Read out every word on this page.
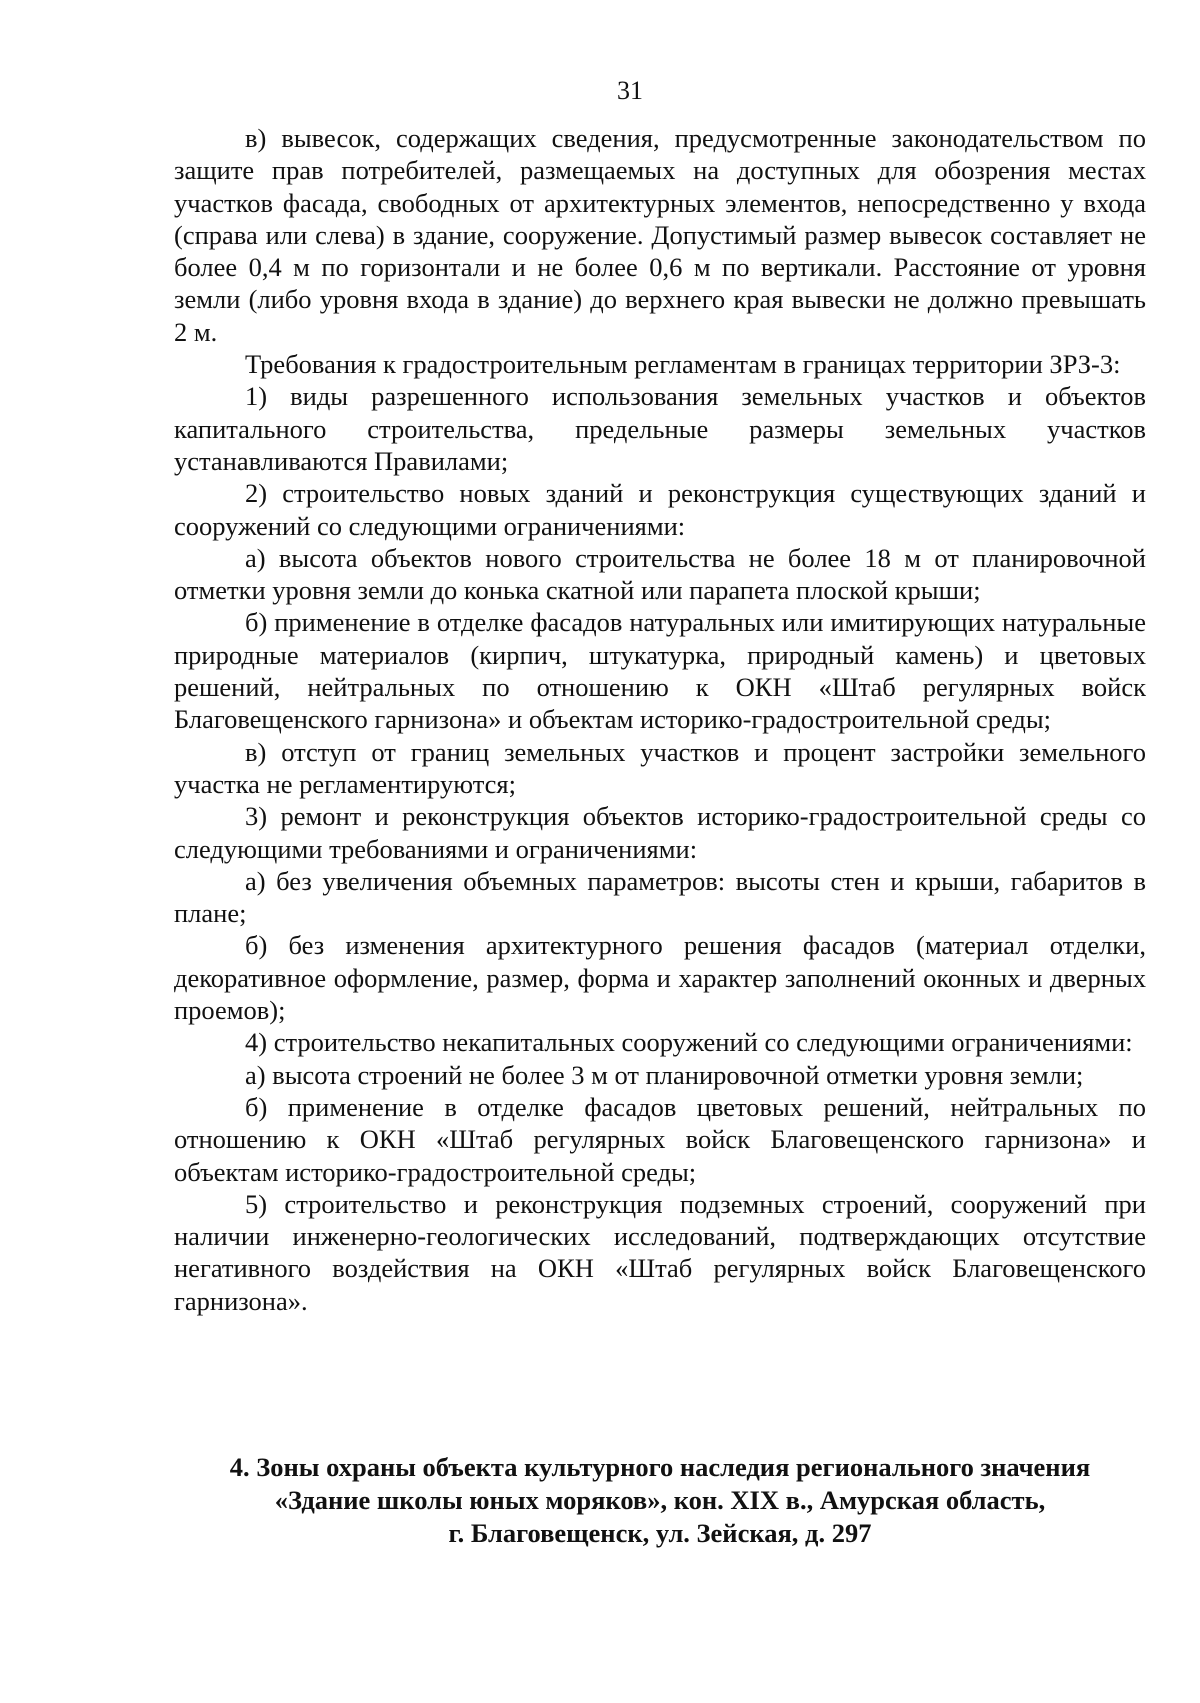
31

в) вывесок, содержащих сведения, предусмотренные законодательством по защите прав потребителей, размещаемых на доступных для обозрения местах участков фасада, свободных от архитектурных элементов, непосредственно у входа (справа или слева) в здание, сооружение. Допустимый размер вывесок составляет не более 0,4 м по горизонтали и не более 0,6 м по вертикали. Расстояние от уровня земли (либо уровня входа в здание) до верхнего края вывески не должно превышать 2 м.

Требования к градостроительным регламентам в границах территории ЗРЗ-3:

1) виды разрешенного использования земельных участков и объектов капитального строительства, предельные размеры земельных участков устанавливаются Правилами;

2) строительство новых зданий и реконструкция существующих зданий и сооружений со следующими ограничениями:

а) высота объектов нового строительства не более 18 м от планировочной отметки уровня земли до конька скатной или парапета плоской крыши;

б) применение в отделке фасадов натуральных или имитирующих натуральные природные материалов (кирпич, штукатурка, природный камень) и цветовых решений, нейтральных по отношению к ОКН «Штаб регулярных войск Благовещенского гарнизона» и объектам историко-градостроительной среды;

в) отступ от границ земельных участков и процент застройки земельного участка не регламентируются;

3) ремонт и реконструкция объектов историко-градостроительной среды со следующими требованиями и ограничениями:

а) без увеличения объемных параметров: высоты стен и крыши, габаритов в плане;

б) без изменения архитектурного решения фасадов (материал отделки, декоративное оформление, размер, форма и характер заполнений оконных и дверных проемов);

4) строительство некапитальных сооружений со следующими ограничениями:

а) высота строений не более 3 м от планировочной отметки уровня земли;

б) применение в отделке фасадов цветовых решений, нейтральных по отношению к ОКН «Штаб регулярных войск Благовещенского гарнизона» и объектам историко-градостроительной среды;

5) строительство и реконструкция подземных строений, сооружений при наличии инженерно-геологических исследований, подтверждающих отсутствие негативного воздействия на ОКН «Штаб регулярных войск Благовещенского гарнизона».

4. Зоны охраны объекта культурного наследия регионального значения
«Здание школы юных моряков», кон. XIX в., Амурская область,
г. Благовещенск, ул. Зейская, д. 297
